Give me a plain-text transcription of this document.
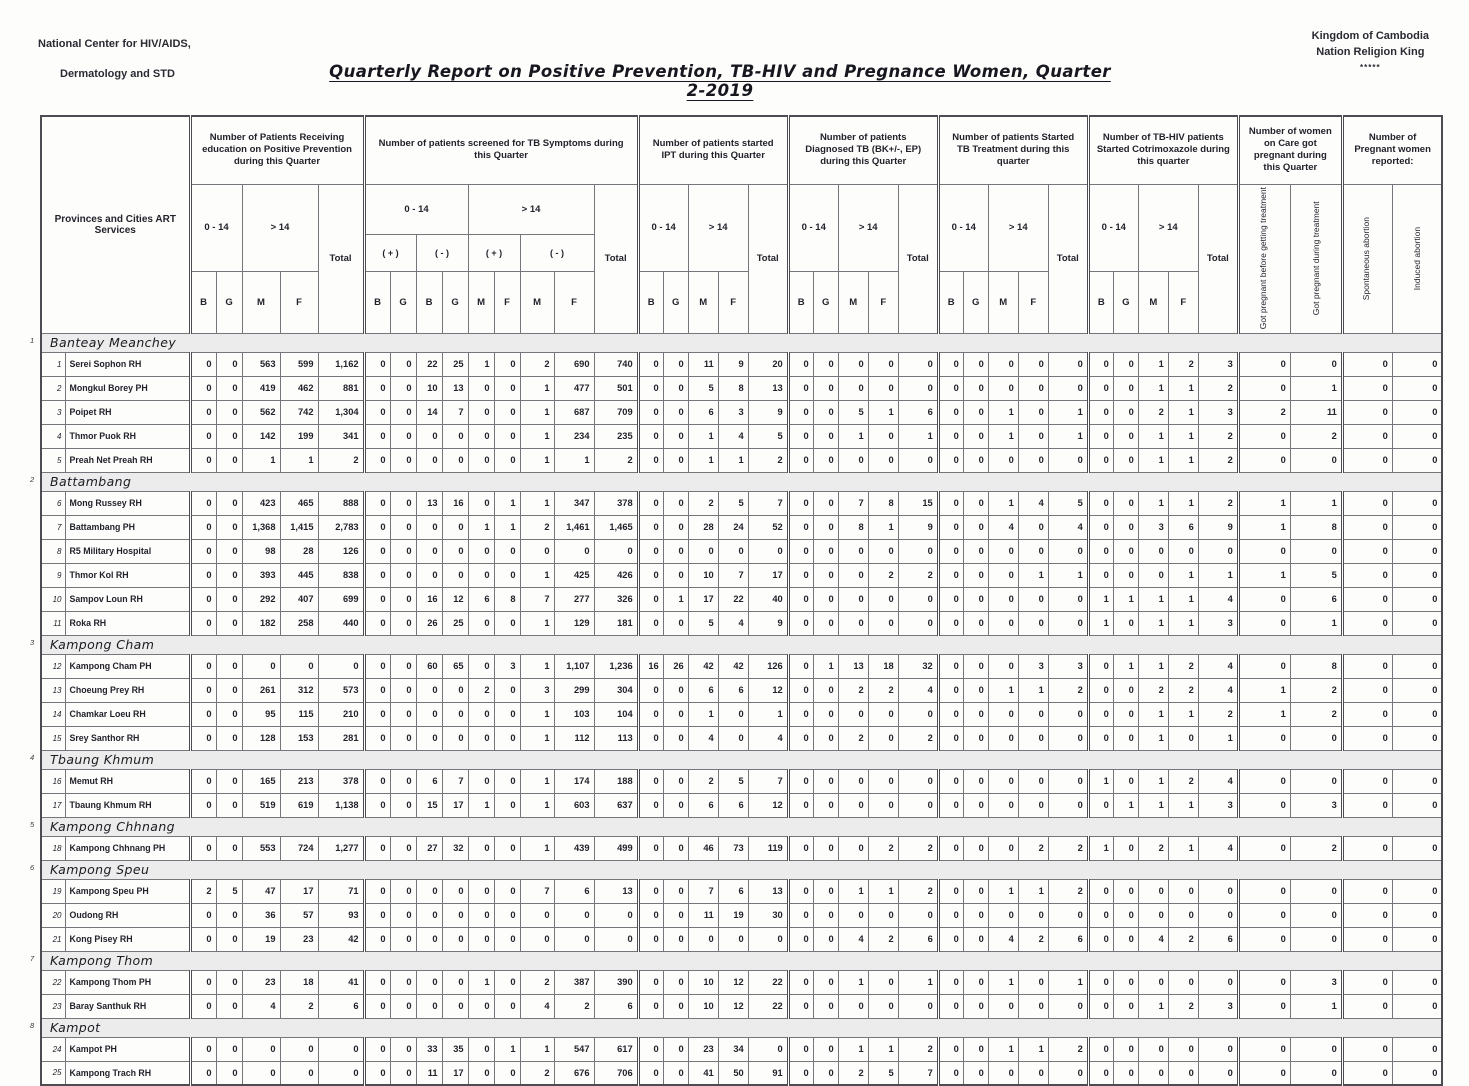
National Center for HIV/AIDS,
Dermatology and STD	Quarterly Report on Positive Prevention, TB-HIV and Pregnance Women, Quarter 2-2019
Kingdom of Cambodia
Nation Religion King
*****
Provinces and Cities ART Services		Number of Patients Receiving education on Positive Prevention during this Quarter					Number of patients screened for TB Symptoms during this Quarter									Number of patients started IPT during this Quarter					Number of patients Diagnosed TB (BK+/-, EP) during this Quarter					Number of patients Started TB Treatment during this quarter					Number of TB-HIV patients Started Cotrimoxazole during this quarter					Number of women on Care got pregnant during this Quarter		Number of Pregnant women reported:	
		0 - 14		> 14		Total	0 - 14				> 14				Total	0 - 14		> 14		Total	0 - 14		> 14		Total	0 - 14		> 14		Total	0 - 14		> 14		Total	Got pregnant before getting treatment	Got pregnant during treatment	Spontaneous abortion	Induced abortion
							( + )		( - )		( + )		( - )																										
		B	G	M	F		B	G	B	G	M	F	M	F		B	G	M	F		B	G	M	F		B	G	M	F		B	G	M	F					

1 Banteay Meanchey																																							
1	Serei Sophon RH	0	0	563	599	1,162	0	0	22	25	1	0	2	690	740	0	0	11	9	20	0	0	0	0	0	0	0	0	0	0	0	0	1	2	3	0	0	0	0
2	Mongkul Borey PH	0	0	419	462	881	0	0	10	13	0	0	1	477	501	0	0	5	8	13	0	0	0	0	0	0	0	0	0	0	0	0	1	1	2	0	1	0	0
3	Poipet RH	0	0	562	742	1,304	0	0	14	7	0	0	1	687	709	0	0	6	3	9	0	0	5	1	6	0	0	1	0	1	0	0	2	1	3	2	11	0	0
4	Thmor Puok RH	0	0	142	199	341	0	0	0	0	0	0	1	234	235	0	0	1	4	5	0	0	1	0	1	0	0	1	0	1	0	0	1	1	2	0	2	0	0
5	Preah Net Preah RH	0	0	1	1	2	0	0	0	0	0	0	1	1	2	0	0	1	1	2	0	0	0	0	0	0	0	0	0	0	0	0	1	1	2	0	0	0	0

2 Battambang																																							
6	Mong Russey RH	0	0	423	465	888	0	0	13	16	0	1	1	347	378	0	0	2	5	7	0	0	7	8	15	0	0	1	4	5	0	0	1	1	2	1	1	0	0
7	Battambang PH	0	0	1,368	1,415	2,783	0	0	0	0	1	1	2	1,461	1,465	0	0	28	24	52	0	0	8	1	9	0	0	4	0	4	0	0	3	6	9	1	8	0	0
8	R5 Military Hospital	0	0	98	28	126	0	0	0	0	0	0	0	0	0	0	0	0	0	0	0	0	0	0	0	0	0	0	0	0	0	0	0	0	0	0	0	0	0
9	Thmor Kol RH	0	0	393	445	838	0	0	0	0	0	0	1	425	426	0	0	10	7	17	0	0	0	2	2	0	0	0	1	1	0	0	0	1	1	1	5	0	0
10	Sampov Loun RH	0	0	292	407	699	0	0	16	12	6	8	7	277	326	0	1	17	22	40	0	0	0	0	0	0	0	0	0	0	1	1	1	1	4	0	6	0	0
11	Roka RH	0	0	182	258	440	0	0	26	25	0	0	1	129	181	0	0	5	4	9	0	0	0	0	0	0	0	0	0	0	1	0	1	1	3	0	1	0	0

3 Kampong Cham																																							
12	Kampong Cham PH	0	0	0	0	0	0	0	60	65	0	3	1	1,107	1,236	16	26	42	42	126	0	1	13	18	32	0	0	0	3	3	0	1	1	2	4	0	8	0	0
13	Choeung Prey RH	0	0	261	312	573	0	0	0	0	2	0	3	299	304	0	0	6	6	12	0	0	2	2	4	0	0	1	1	2	0	0	2	2	4	1	2	0	0
14	Chamkar Loeu RH	0	0	95	115	210	0	0	0	0	0	0	1	103	104	0	0	1	0	1	0	0	0	0	0	0	0	0	0	0	0	0	1	1	2	1	2	0	0
15	Srey Santhor RH	0	0	128	153	281	0	0	0	0	0	0	1	112	113	0	0	4	0	4	0	0	2	0	2	0	0	0	0	0	0	0	1	0	1	0	0	0	0

4 Tbaung Khmum																																							
16	Memut RH	0	0	165	213	378	0	0	6	7	0	0	1	174	188	0	0	2	5	7	0	0	0	0	0	0	0	0	0	0	1	0	1	2	4	0	0	0	0
17	Tbaung Khmum RH	0	0	519	619	1,138	0	0	15	17	1	0	1	603	637	0	0	6	6	12	0	0	0	0	0	0	0	0	0	0	0	1	1	1	3	0	3	0	0

5 Kampong Chhnang																																							
18	Kampong Chhnang PH	0	0	553	724	1,277	0	0	27	32	0	0	1	439	499	0	0	46	73	119	0	0	0	2	2	0	0	0	2	2	1	0	2	1	4	0	2	0	0

6 Kampong Speu																																							
19	Kampong Speu PH	2	5	47	17	71	0	0	0	0	0	0	7	6	13	0	0	7	6	13	0	0	1	1	2	0	0	1	1	2	0	0	0	0	0	0	0	0	0
20	Oudong RH	0	0	36	57	93	0	0	0	0	0	0	0	0	0	0	0	11	19	30	0	0	0	0	0	0	0	0	0	0	0	0	0	0	0	0	0	0	0
21	Kong Pisey RH	0	0	19	23	42	0	0	0	0	0	0	0	0	0	0	0	0	0	0	0	0	4	2	6	0	0	4	2	6	0	0	4	2	6	0	0	0	0

7 Kampong Thom																																							
22	Kampong Thom PH	0	0	23	18	41	0	0	0	0	1	0	2	387	390	0	0	10	12	22	0	0	1	0	1	0	0	1	0	1	0	0	0	0	0	0	3	0	0
23	Baray Santhuk RH	0	0	4	2	6	0	0	0	0	0	0	4	2	6	0	0	10	12	22	0	0	0	0	0	0	0	0	0	0	0	0	1	2	3	0	1	0	0

8 Kampot																																							
24	Kampot PH	0	0	0	0	0	0	0	33	35	0	1	1	547	617	0	0	23	34	0	0	0	1	1	2	0	0	1	1	2	0	0	0	0	0	0	0	0	0
25	Kampong Trach RH	0	0	0	0	0	0	0	11	17	0	0	2	676	706	0	0	41	50	91	0	0	2	5	7	0	0	0	0	0	0	0	0	0	0	0	0	0	0
